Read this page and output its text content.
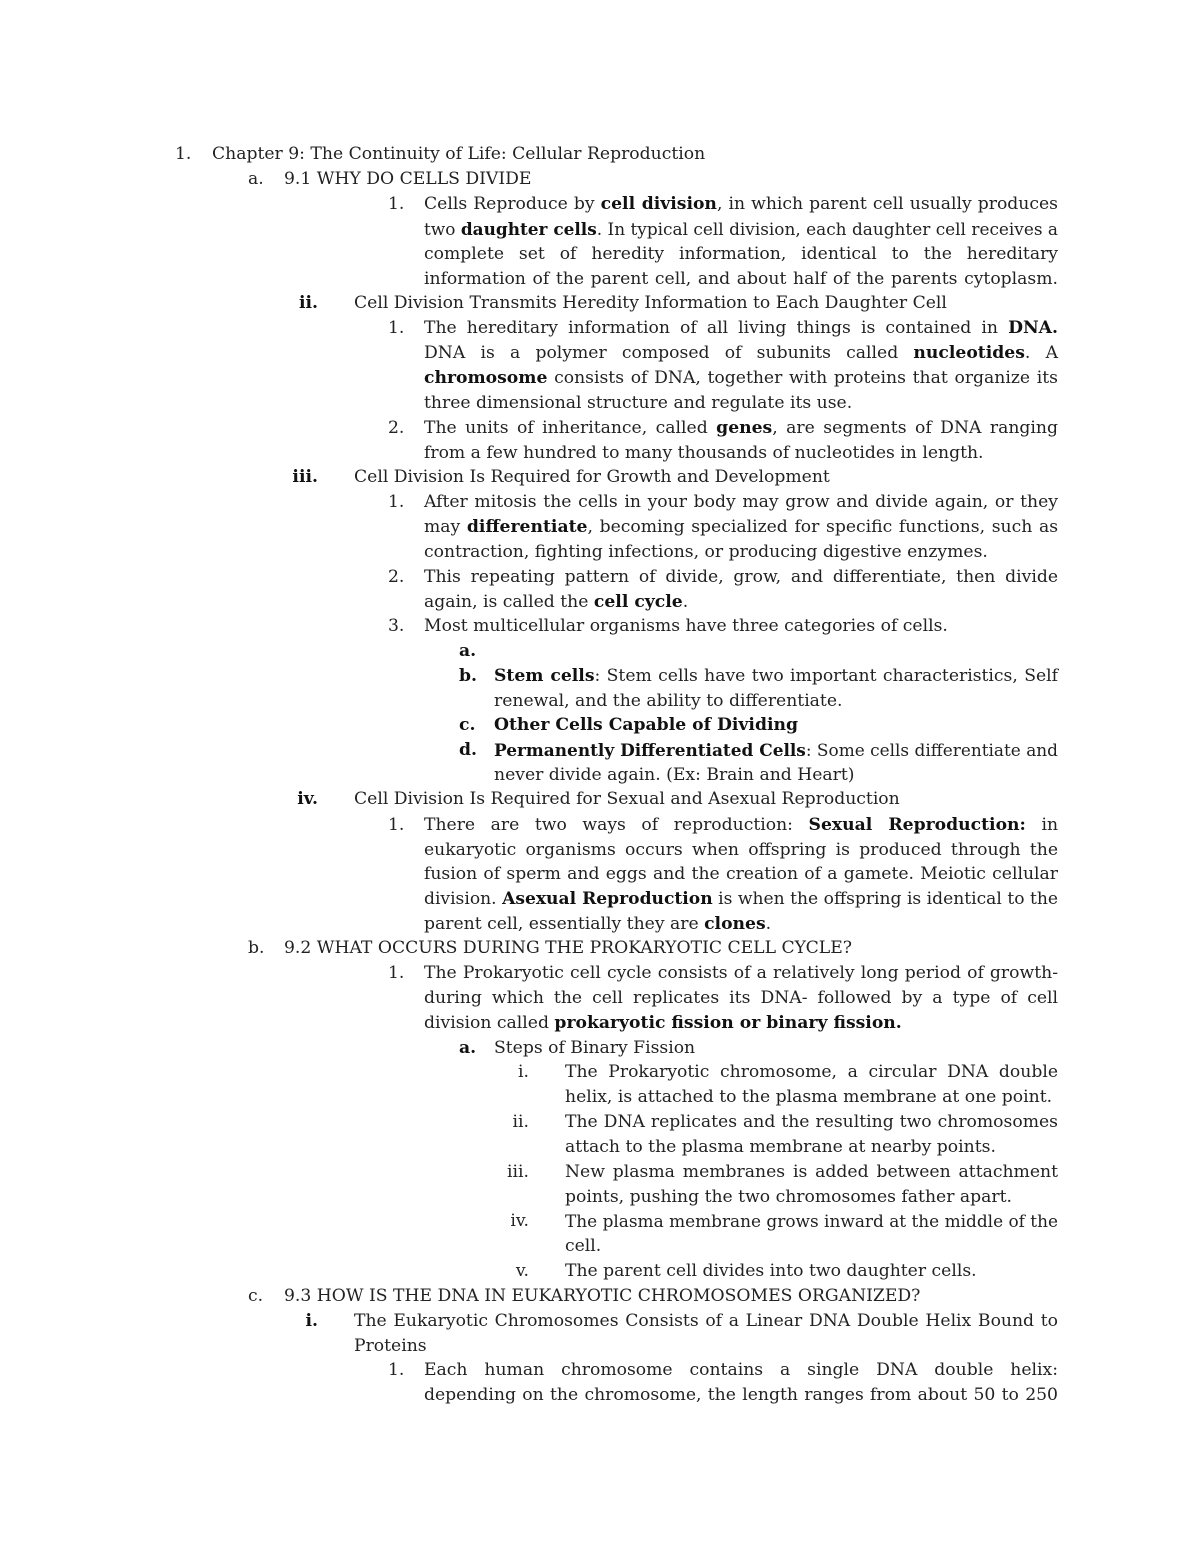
1. Chapter 9: The Continuity of Life: Cellular Reproduction
a. 9.1 WHY DO CELLS DIVIDE
1. Cells Reproduce by cell division, in which parent cell usually produces
two daughter cells. In typical cell division, each daughter cell receives a
complete set of heredity information, identical to the hereditary
information of the parent cell, and about half of the parents cytoplasm.
ii. Cell Division Transmits Heredity Information to Each Daughter Cell
1. The hereditary information of all living things is contained in DNA.
DNA is a polymer composed of subunits called nucleotides. A
chromosome consists of DNA, together with proteins that organize its
three dimensional structure and regulate its use.
2. The units of inheritance, called genes, are segments of DNA ranging
from a few hundred to many thousands of nucleotides in length.
iii. Cell Division Is Required for Growth and Development
1. After mitosis the cells in your body may grow and divide again, or they
may differentiate, becoming specialized for specific functions, such as
contraction, fighting infections, or producing digestive enzymes.
2. This repeating pattern of divide, grow, and differentiate, then divide
again, is called the cell cycle.
3. Most multicellular organisms have three categories of cells.
a.
b. Stem cells: Stem cells have two important characteristics, Self
renewal, and the ability to differentiate.
c. Other Cells Capable of Dividing
d. Permanently Differentiated Cells: Some cells differentiate and
never divide again. (Ex: Brain and Heart)
iv. Cell Division Is Required for Sexual and Asexual Reproduction
1. There are two ways of reproduction: Sexual Reproduction: in
eukaryotic organisms occurs when offspring is produced through the
fusion of sperm and eggs and the creation of a gamete. Meiotic cellular
division. Asexual Reproduction is when the offspring is identical to the
parent cell, essentially they are clones.
b. 9.2 WHAT OCCURS DURING THE PROKARYOTIC CELL CYCLE?
1. The Prokaryotic cell cycle consists of a relatively long period of growth-
during which the cell replicates its DNA- followed by a type of cell
division called prokaryotic fission or binary fission.
a. Steps of Binary Fission
i. The Prokaryotic chromosome, a circular DNA double
helix, is attached to the plasma membrane at one point.
ii. The DNA replicates and the resulting two chromosomes
attach to the plasma membrane at nearby points.
iii. New plasma membranes is added between attachment
points, pushing the two chromosomes father apart.
iv. The plasma membrane grows inward at the middle of the
cell.
v. The parent cell divides into two daughter cells.
c. 9.3 HOW IS THE DNA IN EUKARYOTIC CHROMOSOMES ORGANIZED?
i. The Eukaryotic Chromosomes Consists of a Linear DNA Double Helix Bound to
Proteins
1. Each human chromosome contains a single DNA double helix:
depending on the chromosome, the length ranges from about 50 to 250
